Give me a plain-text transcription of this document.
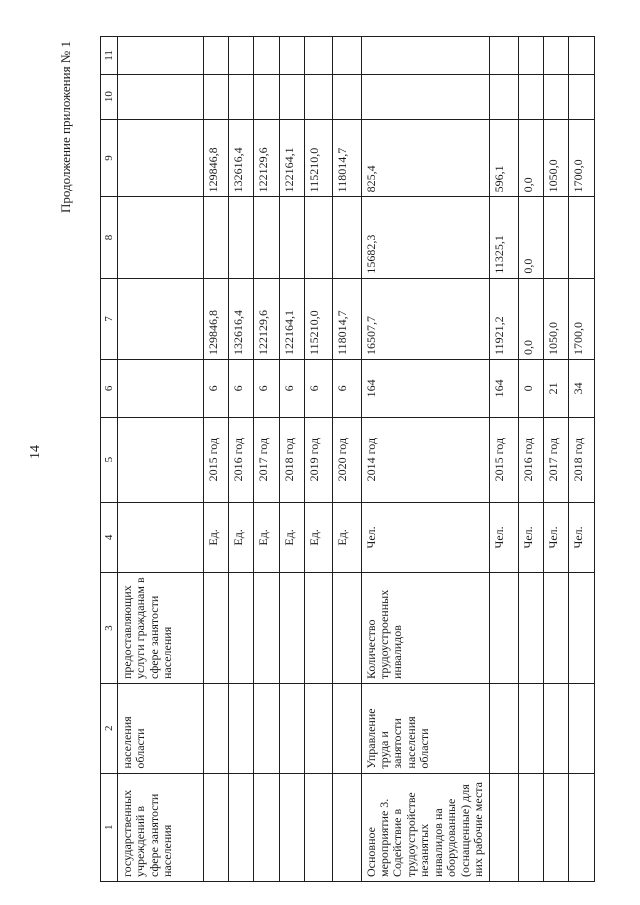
14
Продолжение приложения № 1
1	2	3	4	5	6	7	8	9	10	11
государственных учреждений в сфере занятости населения	населения области	предоставляющих услуги гражданам в сфере занятости населения								
			Ед.	2015 год	6	129846,8		129846,8		
			Ед.	2016 год	6	132616,4		132616,4		
			Ед.	2017 год	6	122129,6		122129,6		
			Ед.	2018 год	6	122164,1		122164,1		
			Ед.	2019 год	6	115210,0		115210,0		
			Ед.	2020 год	6	118014,7		118014,7		
Основное мероприятие 3. Содействие в трудоустройстве незанятых инвалидов на оборудованные (оснащенные) для них рабочие места	Управление труда и занятости населения области	Количество трудоустроенных инвалидов	Чел.	2014 год	164	16507,7	15682,3	825,4		
			Чел.	2015 год	164	11921,2	11325,1	596,1		
			Чел.	2016 год	0	0,0	0,0	0,0		
			Чел.	2017 год	21	1050,0		1050,0		
			Чел.	2018 год	34	1700,0		1700,0		
